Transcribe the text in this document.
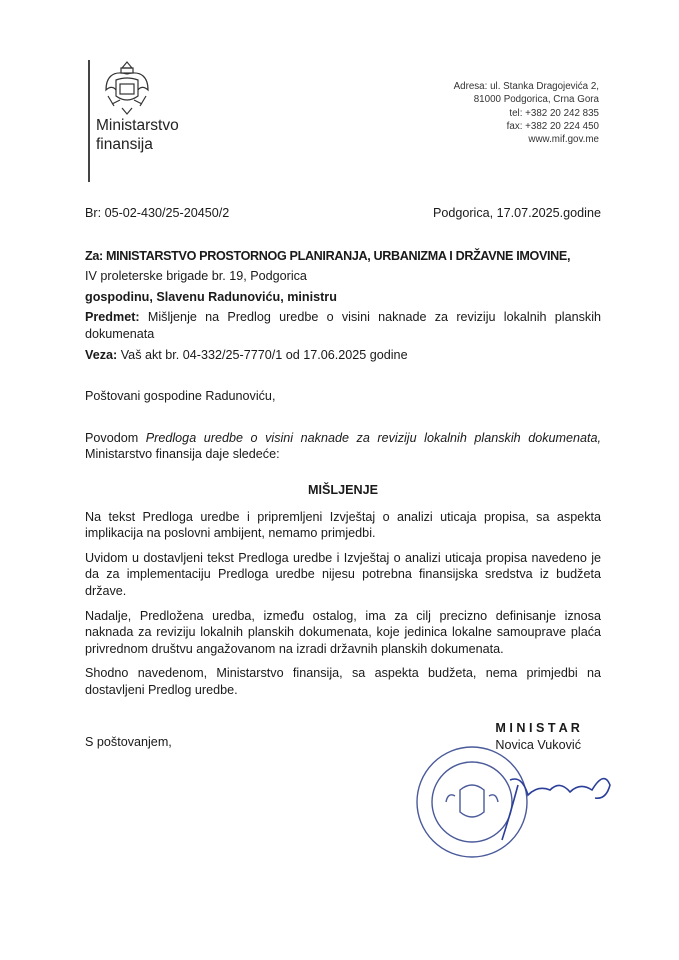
Ministarstvo
finansija
Adresa: ul. Stanka Dragojevića 2,
81000 Podgorica, Crna Gora
tel: +382 20 242 835
fax: +382 20 224 450
www.mif.gov.me
Br: 05-02-430/25-20450/2	Podgorica, 17.07.2025.godine
Za: MINISTARSTVO PROSTORNOG PLANIRANJA, URBANIZMA I DRŽAVNE IMOVINE,
IV proleterske brigade br. 19, Podgorica
gospodinu, Slavenu Radunoviću, ministru
Predmet: Mišljenje na Predlog uredbe o visini naknade za reviziju lokalnih planskih dokumenata
Veza: Vaš akt br. 04-332/25-7770/1 od 17.06.2025 godine
Poštovani gospodine Radunoviću,
Povodom Predloga uredbe o visini naknade za reviziju lokalnih planskih dokumenata, Ministarstvo finansija daje sledeće:
MIŠLJENJE
Na tekst Predloga uredbe i pripremljeni Izvještaj o analizi uticaja propisa, sa aspekta implikacija na poslovni ambijent, nemamo primjedbi.
Uvidom u dostavljeni tekst Predloga uredbe i Izvještaj o analizi uticaja propisa navedeno je da za implementaciju Predloga uredbe nijesu potrebna finansijska sredstva iz budžeta države.
Nadalje, Predložena uredba, između ostalog, ima za cilj precizno definisanje iznosa naknada za reviziju lokalnih planskih dokumenata, koje jedinica lokalne samouprave plaća privrednom društvu angažovanom na izradi državnih planskih dokumenata.
Shodno navedenom, Ministarstvo finansija, sa aspekta budžeta, nema primjedbi na dostavljeni Predlog uredbe.
S poštovanjem,
M I N I S T A R
Novica Vuković
